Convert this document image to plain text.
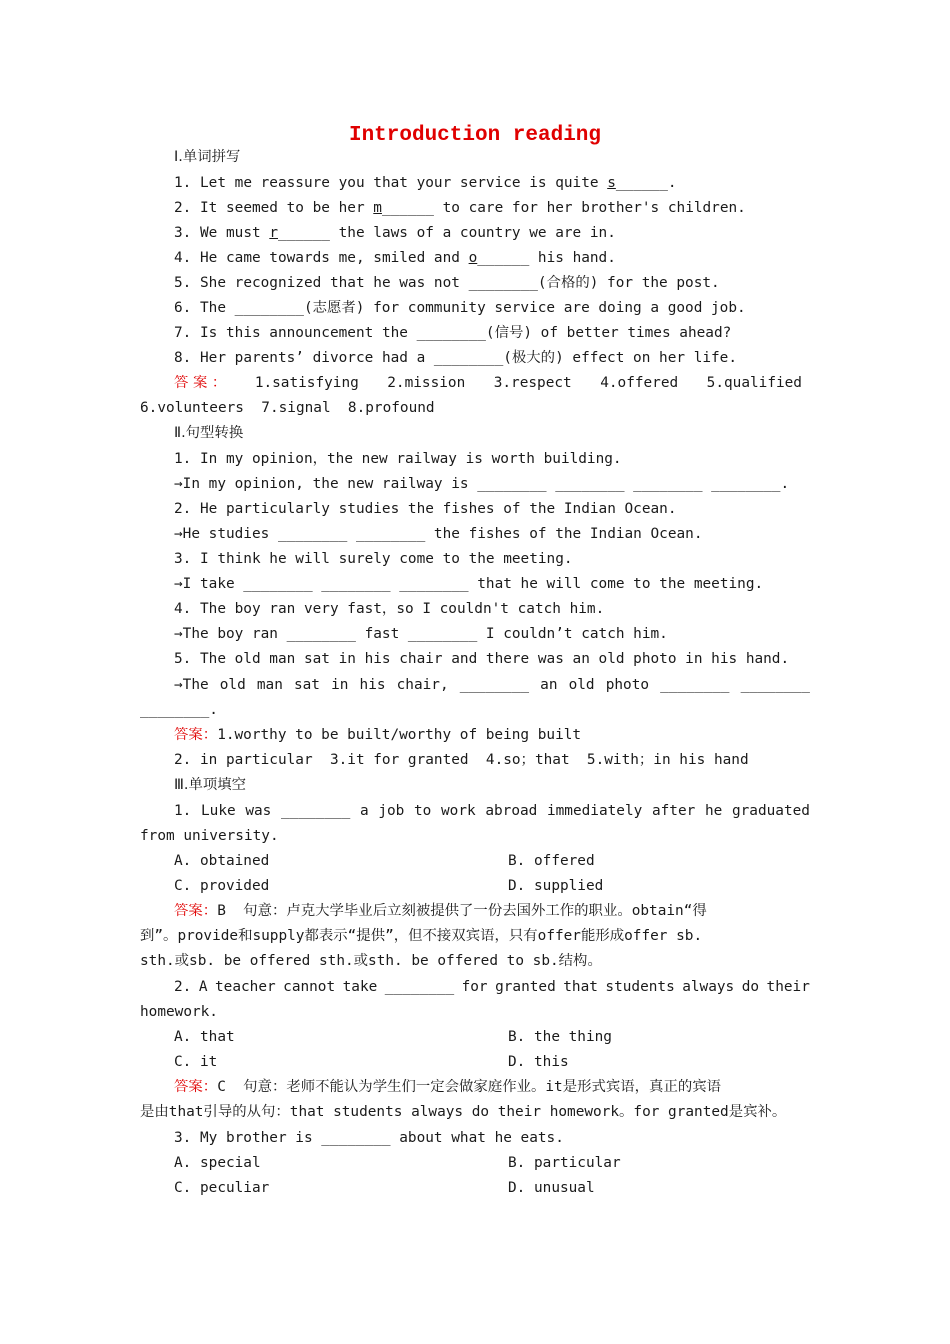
Introduction reading
Ⅰ.单词拼写
1. Let me reassure you that your service is quite s______.
2. It seemed to be her m______ to care for her brother's children.
3. We must r______ the laws of a country we are in.
4. He came towards me, smiled and o______ his hand.
5. She recognized that he was not ________(合格的) for the post.
6. The ________(志愿者) for community service are doing a good job.
7. Is this announcement the ________(信号) of better times ahead?
8. Her parents’ divorce had a ________(极大的) effect on her life.
答 案 ： 1.satisfying 2.mission 3.respect 4.offered 5.qualified
6.volunteers  7.signal  8.profound
Ⅱ.句型转换
1. In my opinion，the new railway is worth building.
→In my opinion, the new railway is ________ ________ ________ ________.
2. He particularly studies the fishes of the Indian Ocean.
→He studies ________ ________ the fishes of the Indian Ocean.
3. I think he will surely come to the meeting.
→I take ________ ________ ________ that he will come to the meeting.
4. The boy ran very fast，so I couldn't catch him.
→The boy ran ________ fast ________ I couldn’t catch him.
5. The old man sat in his chair and there was an old photo in his hand.
→The old man sat in his chair, ________ an old photo ________ ________
________.
答案：1.worthy to be built/worthy of being built
2. in particular  3.it for granted  4.so；that  5.with；in his hand
Ⅲ.单项填空
1. Luke was ________ a job to work abroad immediately after he graduated
from university.
A. obtained	B. offered
C. provided	D. supplied
答案：B  句意：卢克大学毕业后立刻被提供了一份去国外工作的职业。obtain“得
到”。provide和supply都表示“提供”，但不接双宾语，只有offer能形成offer sb.
sth.或sb. be offered sth.或sth. be offered to sb.结构。
2. A teacher cannot take ________ for granted that students always do their
homework.
A. that	B. the thing
C. it	D. this
答案：C  句意：老师不能认为学生们一定会做家庭作业。it是形式宾语，真正的宾语
是由that引导的从句：that students always do their homework。for granted是宾补。
3. My brother is ________ about what he eats.
A. special	B. particular
C. peculiar	D. unusual
